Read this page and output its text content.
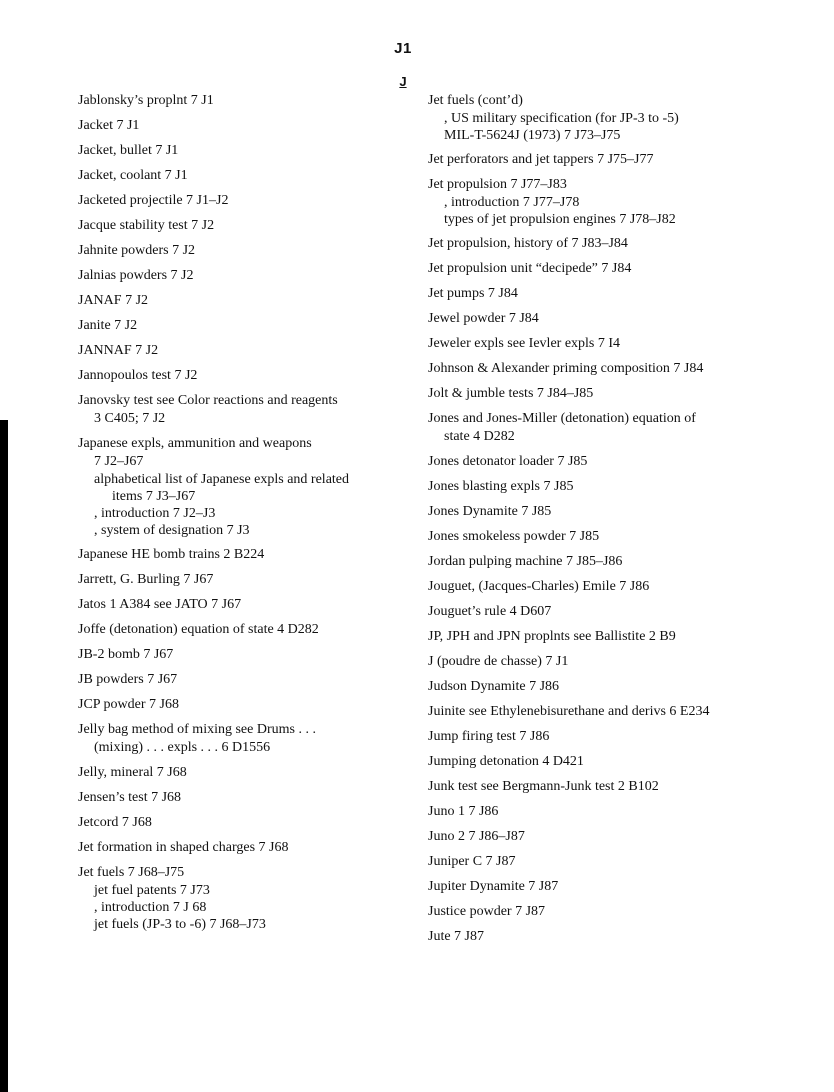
J1
J
Jablonsky’s proplnt 7 J1
Jacket 7 J1
Jacket, bullet 7 J1
Jacket, coolant 7 J1
Jacketed projectile 7 J1–J2
Jacque stability test 7 J2
Jahnite powders 7 J2
Jalnias powders 7 J2
JANAF 7 J2
Janite 7 J2
JANNAF 7 J2
Jannopoulos test 7 J2
Janovsky test see Color reactions and reagents
3 C405; 7 J2
Japanese expls, ammunition and weapons
7 J2–J67
alphabetical list of Japanese expls and related
items 7 J3–J67
, introduction 7 J2–J3
, system of designation 7 J3
Japanese HE bomb trains 2 B224
Jarrett, G. Burling 7 J67
Jatos 1 A384 see JATO 7 J67
Joffe (detonation) equation of state 4 D282
JB-2 bomb 7 J67
JB powders 7 J67
JCP powder 7 J68
Jelly bag method of mixing see Drums . . .
(mixing) . . . expls . . . 6 D1556
Jelly, mineral 7 J68
Jensen’s test 7 J68
Jetcord 7 J68
Jet formation in shaped charges 7 J68
Jet fuels 7 J68–J75
jet fuel patents 7 J73
, introduction 7 J 68
jet fuels (JP-3 to -6) 7 J68–J73
Jet fuels (cont’d)
, US military specification (for JP-3 to -5)
MIL-T-5624J (1973) 7 J73–J75
Jet perforators and jet tappers 7 J75–J77
Jet propulsion 7 J77–J83
, introduction 7 J77–J78
types of jet propulsion engines 7 J78–J82
Jet propulsion, history of 7 J83–J84
Jet propulsion unit “decipede” 7 J84
Jet pumps 7 J84
Jewel powder 7 J84
Jeweler expls see Ievler expls 7 I4
Johnson & Alexander priming composition 7 J84
Jolt & jumble tests 7 J84–J85
Jones and Jones-Miller (detonation) equation of
state 4 D282
Jones detonator loader 7 J85
Jones blasting expls 7 J85
Jones Dynamite 7 J85
Jones smokeless powder 7 J85
Jordan pulping machine 7 J85–J86
Jouguet, (Jacques-Charles) Emile 7 J86
Jouguet’s rule 4 D607
JP, JPH and JPN proplnts see Ballistite 2 B9
J (poudre de chasse) 7 J1
Judson Dynamite 7 J86
Juinite see Ethylenebisurethane and derivs 6 E234
Jump firing test 7 J86
Jumping detonation 4 D421
Junk test see Bergmann-Junk test 2 B102
Juno 1 7 J86
Juno 2 7 J86–J87
Juniper C 7 J87
Jupiter Dynamite 7 J87
Justice powder 7 J87
Jute 7 J87
